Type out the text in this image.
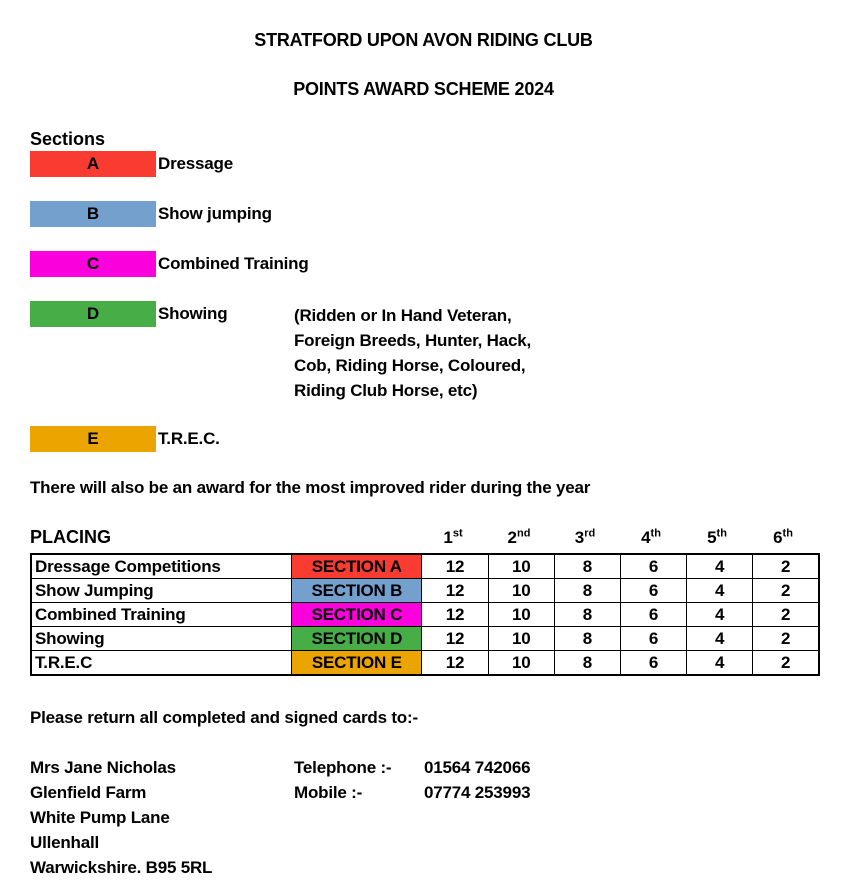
STRATFORD UPON AVON RIDING CLUB
POINTS AWARD SCHEME 2024
Sections
A	Dressage
B	Show jumping
C	Combined Training
D	Showing
E	T.R.E.C.
(Ridden or In Hand Veteran,
Foreign Breeds, Hunter, Hack,
Cob, Riding Horse, Coloured,
Riding Club Horse, etc)
There will also be an award for the most improved rider during the year
PLACING	1st	2nd	3rd	4th	5th	6th
Dressage Competitions	SECTION A	12	10	8	6	4	2
Show Jumping	SECTION B	12	10	8	6	4	2
Combined Training	SECTION C	12	10	8	6	4	2
Showing	SECTION D	12	10	8	6	4	2
T.R.E.C	SECTION E	12	10	8	6	4	2
Please return all completed and signed cards to:-
Mrs Jane Nicholas
Glenfield Farm
White Pump Lane
Ullenhall
Warwickshire. B95 5RL
Telephone :-	01564 742066
Mobile :-	07774 253993
